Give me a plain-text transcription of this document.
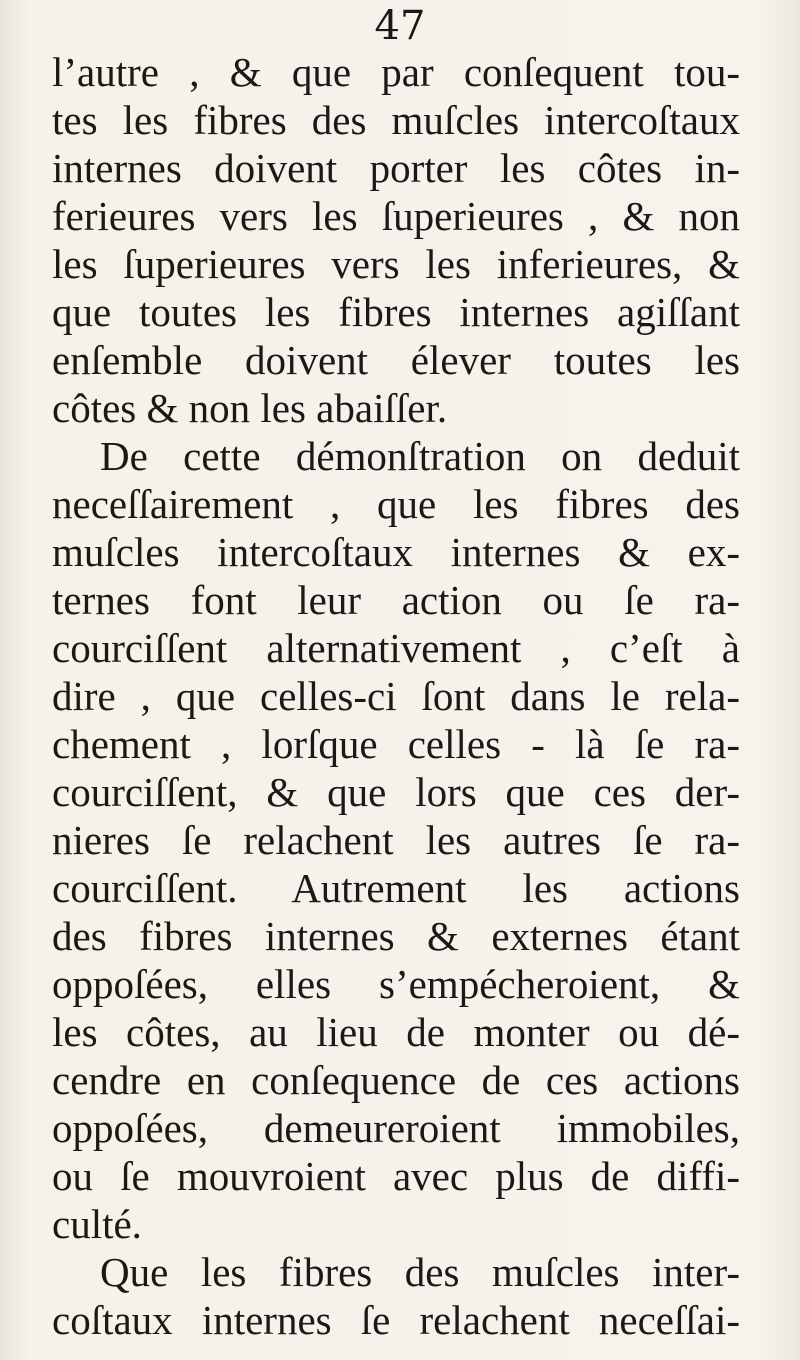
47
l’autre , & que par conſequent tou-
tes les fibres des muſcles intercoſtaux
internes doivent porter les côtes in-
ferieures vers les ſuperieures , & non
les ſuperieures vers les inferieures, &
que toutes les fibres internes agiſſant
enſemble doivent élever toutes les
côtes & non les abaiſſer.
De cette démonſtration on deduit
neceſſairement , que les fibres des
muſcles intercoſtaux internes & ex-
ternes font leur action ou ſe ra-
courciſſent alternativement , c’eſt à
dire , que celles-ci ſont dans le rela-
chement , lorſque celles - là ſe ra-
courciſſent, & que lors que ces der-
nieres ſe relachent les autres ſe ra-
courciſſent. Autrement les actions
des fibres internes & externes étant
oppoſées, elles s’empécheroient, &
les côtes, au lieu de monter ou dé-
cendre en conſequence de ces actions
oppoſées, demeureroient immobiles,
ou ſe mouvroient avec plus de diffi-
culté.
Que les fibres des muſcles inter-
coſtaux internes ſe relachent neceſſai-
